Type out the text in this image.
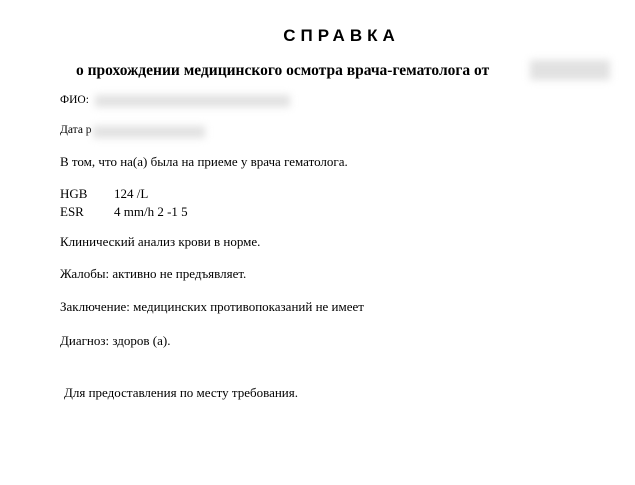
СПРАВКА
о прохождении медицинского осмотра врача-гематолога от
ФИО:
Дата р
В том, что на(а) была на приеме у врача гематолога.
HGB 124 /L
ESR 4 mm/h 2 -1 5
Клинический анализ крови в норме.
Жалобы: активно не предъявляет.
Заключение: медицинских противопоказаний не имеет
Диагноз: здоров (а).
Для предоставления по месту требования.
